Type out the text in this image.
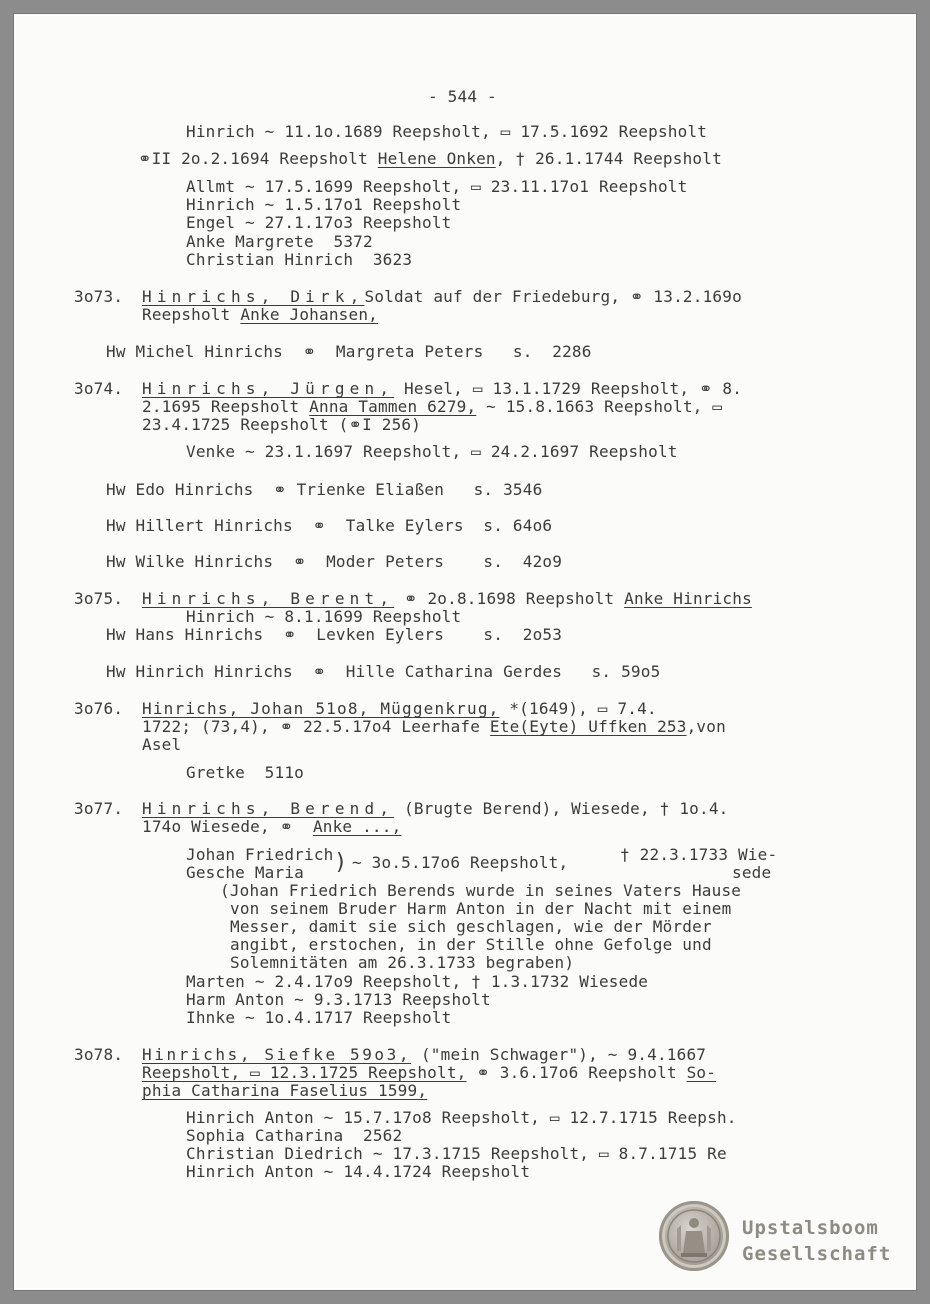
- 544 -
Hinrich ~ 11.1o.1689 Reepsholt, ▭ 17.5.1692 Reepsholt
⚭II 2o.2.1694 Reepsholt Helene Onken, † 26.1.1744 Reepsholt
Allmt ~ 17.5.1699 Reepsholt, ▭ 23.11.17o1 Reepsholt
Hinrich ~ 1.5.17o1 Reepsholt
Engel ~ 27.1.17o3 Reepsholt
Anke Margrete  5372
Christian Hinrich  3623
3o73. Hinrichs, Dirk,Soldat auf der Friedeburg, ⚭ 13.2.169o
Reepsholt Anke Johansen,
Hw Michel Hinrichs  ⚭  Margreta Peters   s.  2286
3o74. Hinrichs, Jürgen, Hesel, ▭ 13.1.1729 Reepsholt, ⚭ 8.
2.1695 Reepsholt Anna Tammen 6279, ~ 15.8.1663 Reepsholt, ▭
23.4.1725 Reepsholt (⚭I 256)
Venke ~ 23.1.1697 Reepsholt, ▭ 24.2.1697 Reepsholt
Hw Edo Hinrichs  ⚭ Trienke Eliaßen   s. 3546
Hw Hillert Hinrichs  ⚭  Talke Eylers  s. 64o6
Hw Wilke Hinrichs  ⚭  Moder Peters    s.  42o9
3o75. Hinrichs, Berent, ⚭ 2o.8.1698 Reepsholt Anke Hinrichs
Hinrich ~ 8.1.1699 Reepsholt
Hw Hans Hinrichs  ⚭  Levken Eylers    s.  2o53
Hw Hinrich Hinrichs  ⚭  Hille Catharina Gerdes   s. 59o5
3o76. Hinrichs, Johan 51o8, Müggenkrug, *(1649), ▭ 7.4.
1722; (73,4), ⚭ 22.5.17o4 Leerhafe Ete(Eyte) Uffken 253,von
Asel
Gretke  511o
3o77. Hinrichs, Berend, (Brugte Berend), Wiesede, † 1o.4.
174o Wiesede, ⚭  Anke ...,
Johan Friedrich
Gesche Maria ) ~ 3o.5.17o6 Reepsholt,	† 22.3.1733 Wie-
sede
(Johan Friedrich Berends wurde in seines Vaters Hause
von seinem Bruder Harm Anton in der Nacht mit einem
Messer, damit sie sich geschlagen, wie der Mörder
angibt, erstochen, in der Stille ohne Gefolge und
Solemnitäten am 26.3.1733 begraben)
Marten ~ 2.4.17o9 Reepsholt, † 1.3.1732 Wiesede
Harm Anton ~ 9.3.1713 Reepsholt
Ihnke ~ 1o.4.1717 Reepsholt
3o78. Hinrichs, Siefke 59o3, ("mein Schwager"), ~ 9.4.1667
Reepsholt, ▭ 12.3.1725 Reepsholt, ⚭ 3.6.17o6 Reepsholt So-
phia Catharina Faselius 1599,
Hinrich Anton ~ 15.7.17o8 Reepsholt, ▭ 12.7.1715 Reepsh.
Sophia Catharina  2562
Christian Diedrich ~ 17.3.1715 Reepsholt, ▭ 8.7.1715 Re
Hinrich Anton ~ 14.4.1724 Reepsholt
Upstalsboom
Gesellschaft
